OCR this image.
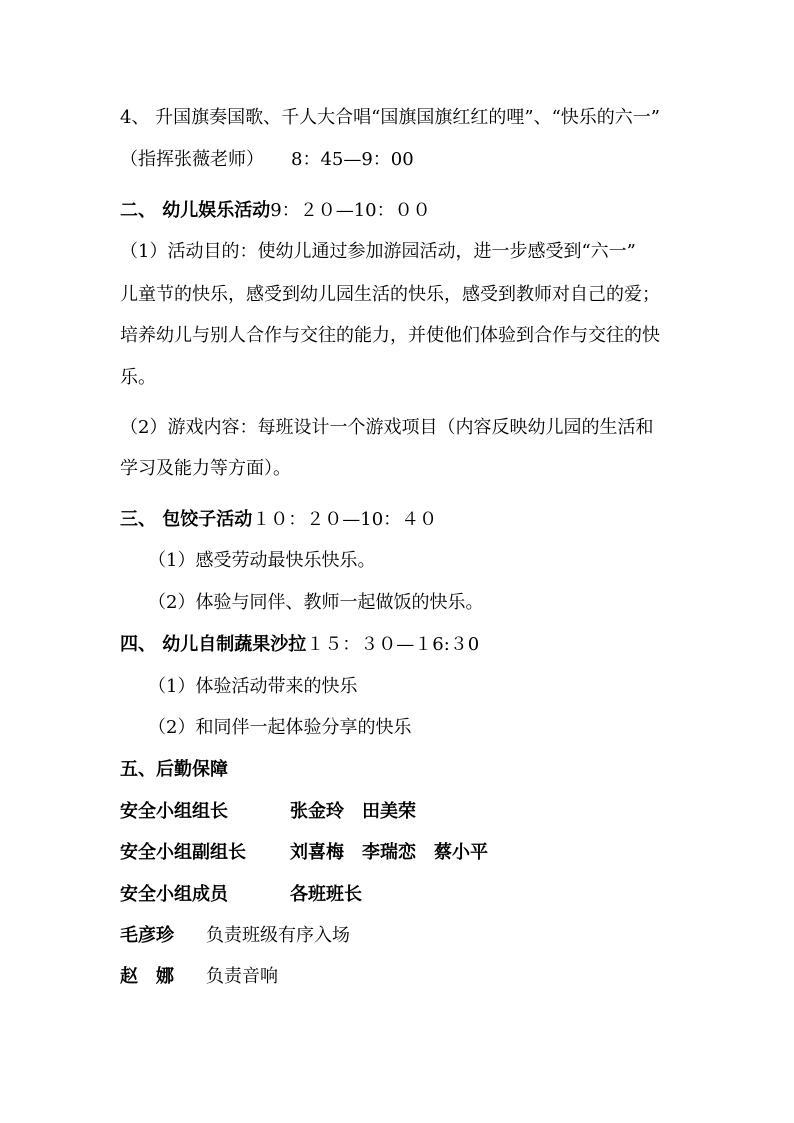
4、 升国旗奏国歌、千人大合唱“国旗国旗红红的哩”、“快乐的六一”
（指挥张薇老师）　　8：45—9：00
二、 幼儿娱乐活动9：２０—10：００
（1）活动目的：使幼儿通过参加游园活动，进一步感受到“六一”
儿童节的快乐，感受到幼儿园生活的快乐，感受到教师对自己的爱；
培养幼儿与别人合作与交往的能力，并使他们体验到合作与交往的快
乐。
（2）游戏内容：每班设计一个游戏项目（内容反映幼儿园的生活和
学习及能力等方面）。
三、 包饺子活动１０：２０—10：４０
（1）感受劳动最快乐快乐。
（2）体验与同伴、教师一起做饭的快乐。
四、 幼儿自制蔬果沙拉１５：３０—１6:３0
（1）体验活动带来的快乐
（2）和同伴一起体验分享的快乐
五、后勤保障
安全小组组长	张金玲　田美荣
安全小组副组长 刘喜梅　李瑞恋　蔡小平
安全小组成员	各班班长
毛彦珍 负责班级有序入场
赵　娜 负责音响
